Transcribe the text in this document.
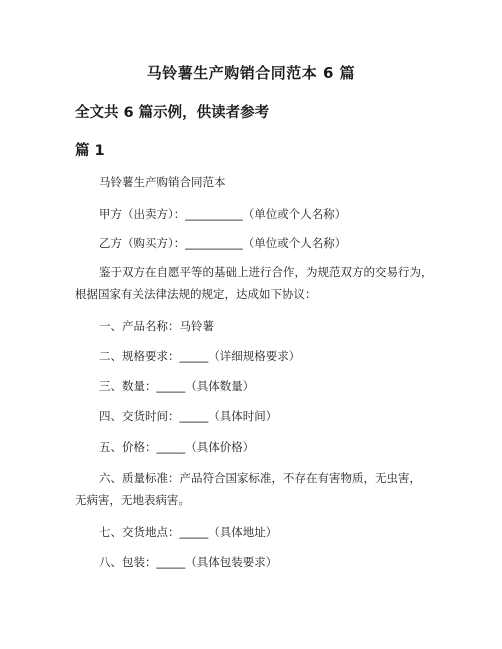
马铃薯生产购销合同范本 6 篇
全文共 6 篇示例，供读者参考
篇 1
马铃薯生产购销合同范本
甲方（出卖方）：__________（单位或个人名称）
乙方（购买方）：__________（单位或个人名称）
鉴于双方在自愿平等的基础上进行合作，为规范双方的交易行为，
根据国家有关法律法规的规定，达成如下协议：
一、产品名称：马铃薯
二、规格要求：_____（详细规格要求）
三、数量：_____（具体数量）
四、交货时间：_____（具体时间）
五、价格：_____（具体价格）
六、质量标准：产品符合国家标准，不存在有害物质，无虫害，
无病害，无地表病害。
七、交货地点：_____（具体地址）
八、包装：_____（具体包装要求）
